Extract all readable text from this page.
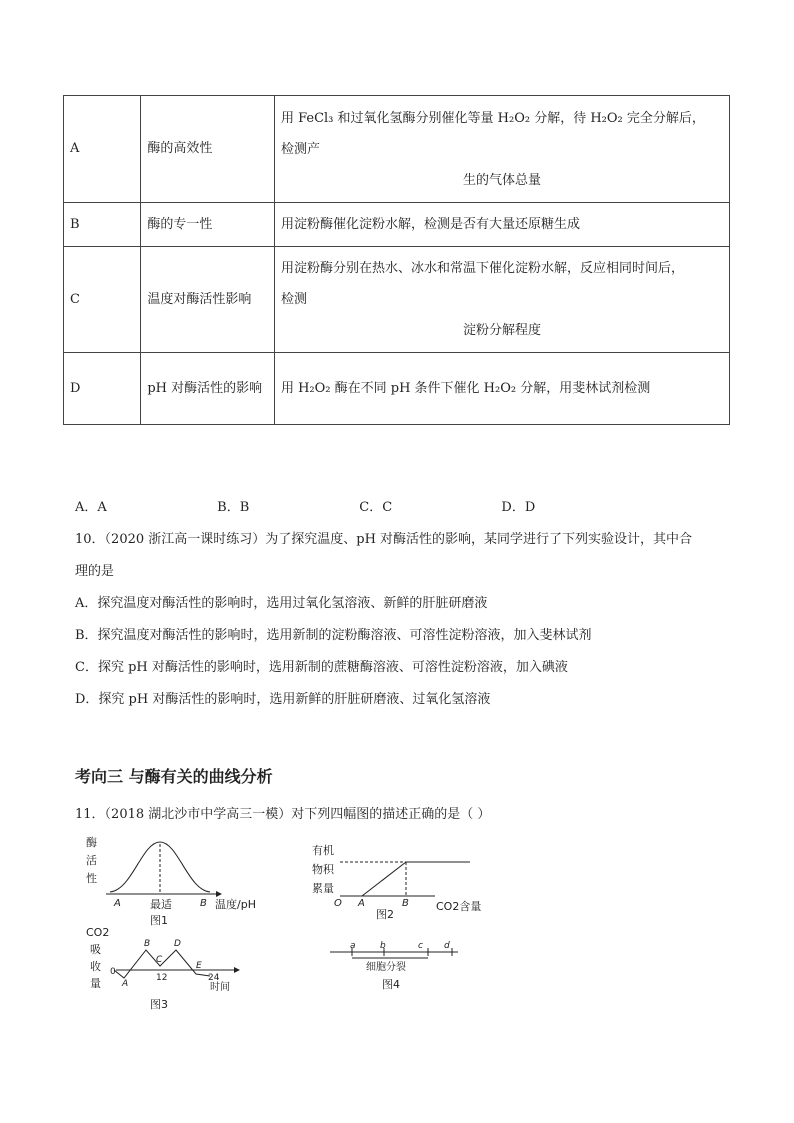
A	酶的高效性	用 FeCl₃ 和过氧化氢酶分别催化等量 H₂O₂ 分解，待 H₂O₂ 完全分解后，
检测产
生的气体总量

B	酶的专一性	用淀粉酶催化淀粉水解，检测是否有大量还原糖生成
C	温度对酶活性影响	用淀粉酶分别在热水、冰水和常温下催化淀粉水解，反应相同时间后，
检测
淀粉分解程度

D	pH 对酶活性的影响	用 H₂O₂ 酶在不同 pH 条件下催化 H₂O₂ 分解，用斐林试剂检测
A．A	B．B	C．C	D．D
10．（2020 浙江高一课时练习）为了探究温度、pH 对酶活性的影响，某同学进行了下列实验设计，其中合
理的是
A．探究温度对酶活性的影响时，选用过氧化氢溶液、新鲜的肝脏研磨液
B．探究温度对酶活性的影响时，选用新制的淀粉酶溶液、可溶性淀粉溶液，加入斐林试剂
C．探究 pH 对酶活性的影响时，选用新制的蔗糖酶溶液、可溶性淀粉溶液，加入碘液
D．探究 pH 对酶活性的影响时，选用新鲜的肝脏研磨液、过氧化氢溶液
考向三 与酶有关的曲线分析
11．（2018 湖北沙市中学高三一模）对下列四幅图的描述正确的是（ ）
酶
活
性
A	B
最适	温度/pH
图1
有机
物积
累量
O A	B CO2含量
图2
CO2
吸
收
量
0
A
B
C
D
E
12	24
时间
图3
a	b	c d
细胞分裂
图4
